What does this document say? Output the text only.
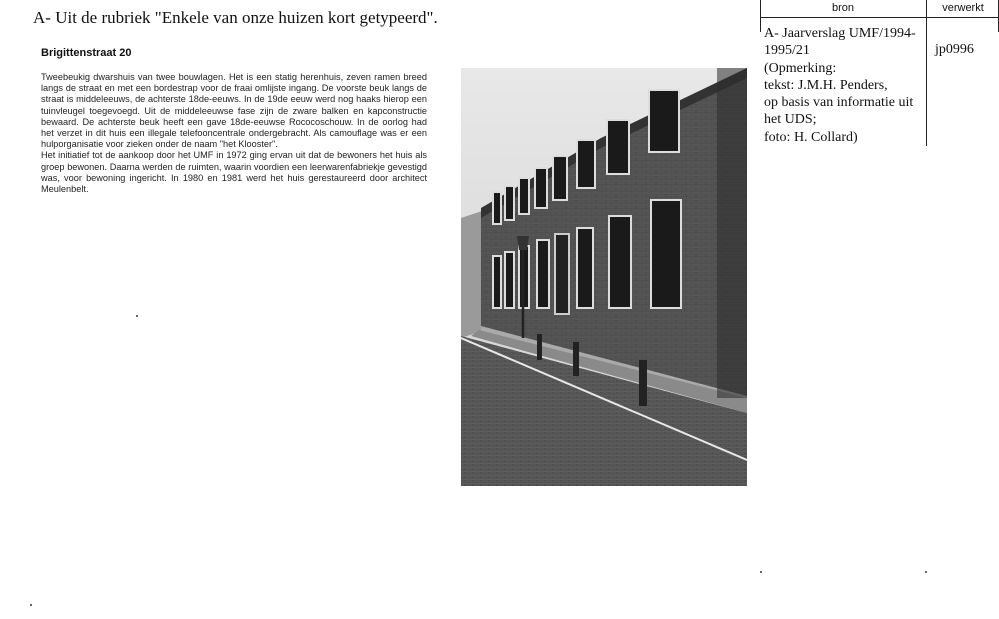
A- Uit de rubriek "Enkele van onze huizen kort getypeerd".
Brigittenstraat 20

Tweebeukig dwarshuis van twee bouwlagen. Het is een statig herenhuis, zeven ramen breed langs de straat en met een bordestrap voor de fraai omlijste ingang. De voorste beuk langs de straat is middeleeuws, de achterste 18de-eeuws. In de 19de eeuw werd nog haaks hierop een tuinvleugel toegevoegd. Uit de middeleeuwse fase zijn de zware balken en kapconstructie bewaard. De achterste beuk heeft een gave 18de-eeuwse Rococoschouw. In de oorlog had het verzet in dit huis een illegale telefooncentrale ondergebracht. Als camouflage was er een hulporganisatie voor zieken onder de naam "het Klooster".

Het initiatief tot de aankoop door het UMF in 1972 ging ervan uit dat de bewoners het huis als groep bewonen. Daarna werden de ruimten, waarin voordien een leerwarenfabriekje gevestigd was, voor bewoning ingericht. In 1980 en 1981 werd het huis gerestaureerd door architect Meulenbelt.

bron	verwerkt
A- Jaarverslag UMF/1994-
1995/21
(Opmerking:
tekst: J.M.H. Penders,
op basis van informatie uit
het UDS;
foto: H. Collard)
jp0996
